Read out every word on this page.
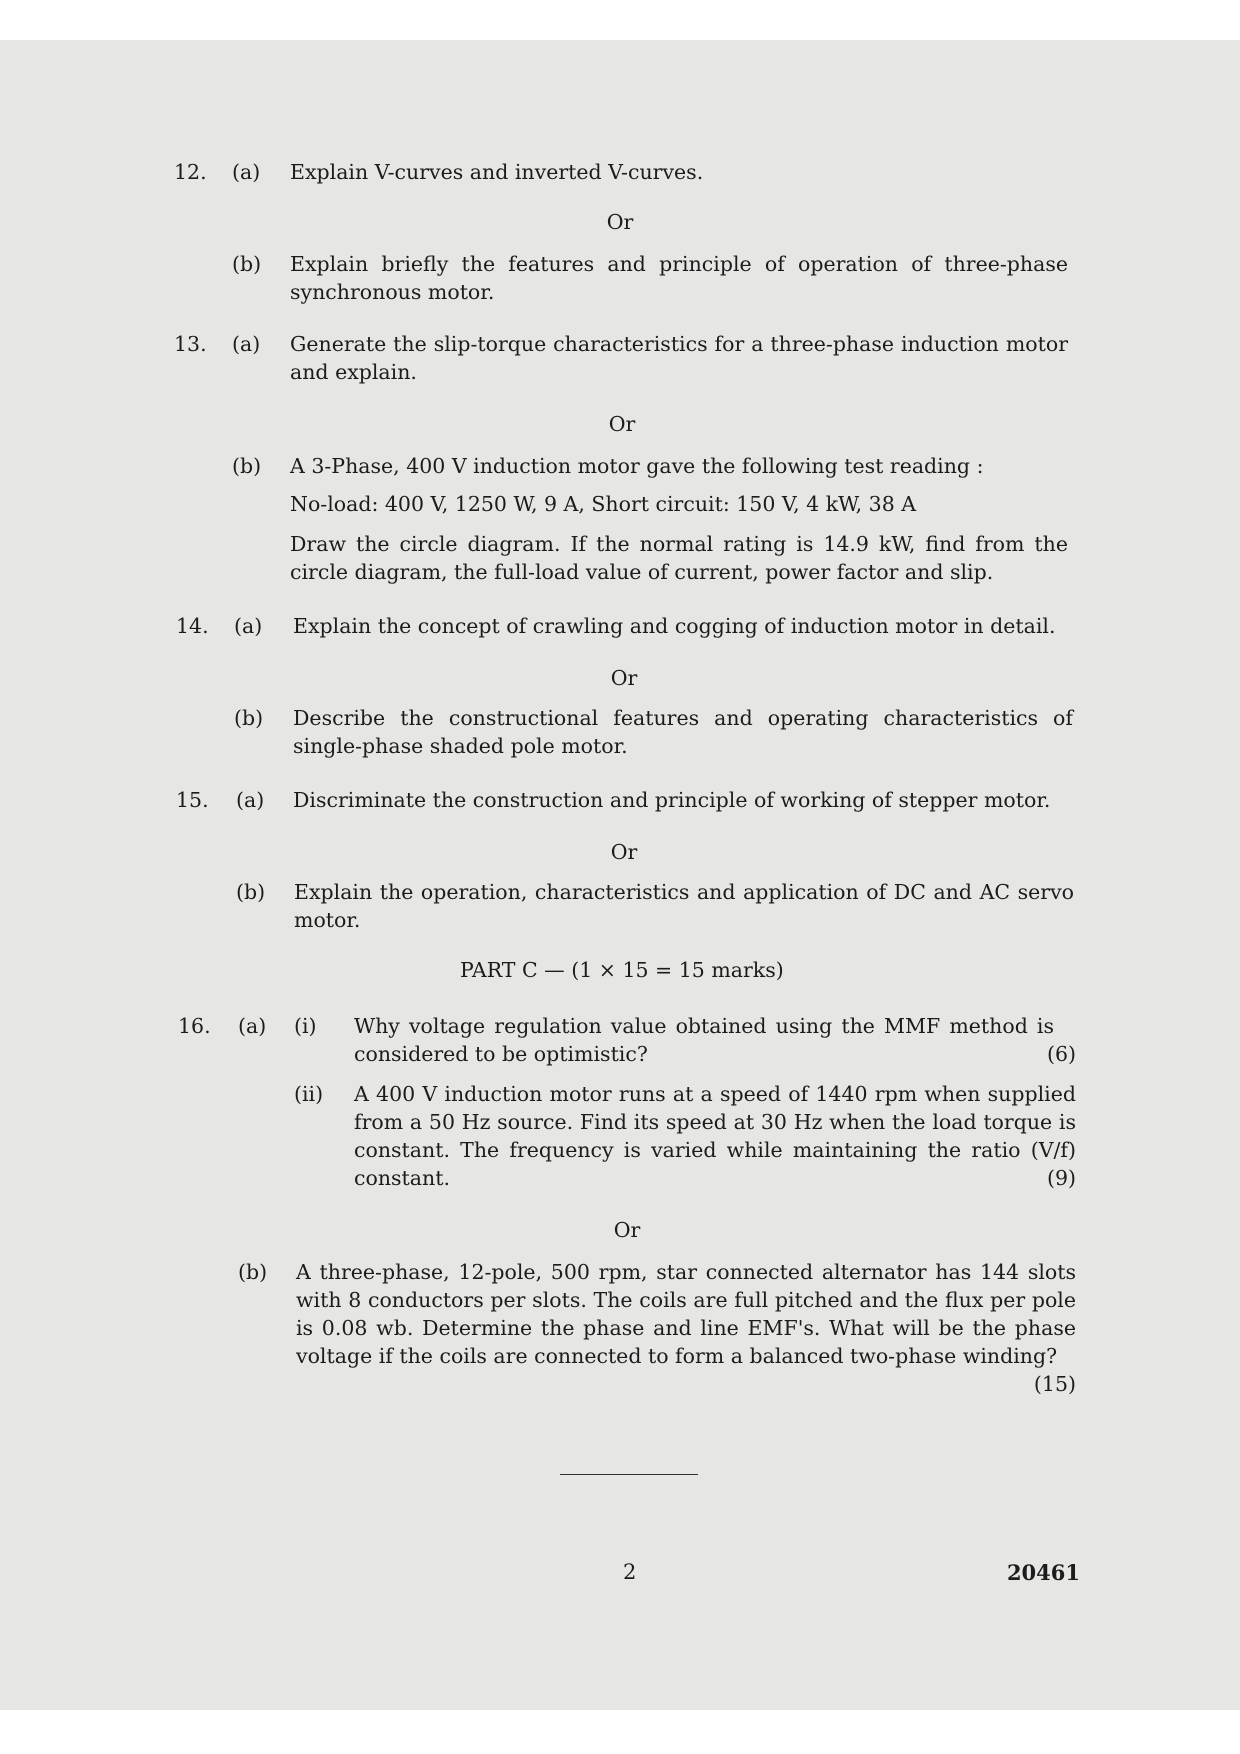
12. (a) Explain V-curves and inverted V-curves.
Or
(b) Explain briefly the features and principle of operation of three-phase synchronous motor.
13. (a) Generate the slip-torque characteristics for a three-phase induction motor and explain.
Or
(b) A 3-Phase, 400 V induction motor gave the following test reading :
No-load: 400 V, 1250 W, 9 A, Short circuit: 150 V, 4 kW, 38 A
Draw the circle diagram. If the normal rating is 14.9 kW, find from the circle diagram, the full-load value of current, power factor and slip.
14. (a) Explain the concept of crawling and cogging of induction motor in detail.
Or
(b) Describe the constructional features and operating characteristics of single-phase shaded pole motor.
15. (a) Discriminate the construction and principle of working of stepper motor.
Or
(b) Explain the operation, characteristics and application of DC and AC servo motor.
PART C — (1 × 15 = 15 marks)
16. (a) (i) Why voltage regulation value obtained using the MMF method is considered to be optimistic?	(6)
(ii) A 400 V induction motor runs at a speed of 1440 rpm when supplied from a 50 Hz source. Find its speed at 30 Hz when the load torque is constant. The frequency is varied while maintaining the ratio (V/f) constant.	(9)
Or
(b) A three-phase, 12-pole, 500 rpm, star connected alternator has 144 slots with 8 conductors per slots. The coils are full pitched and the flux per pole is 0.08 wb. Determine the phase and line EMF's. What will be the phase voltage if the coils are connected to form a balanced two-phase winding?
(15)
2	20461
